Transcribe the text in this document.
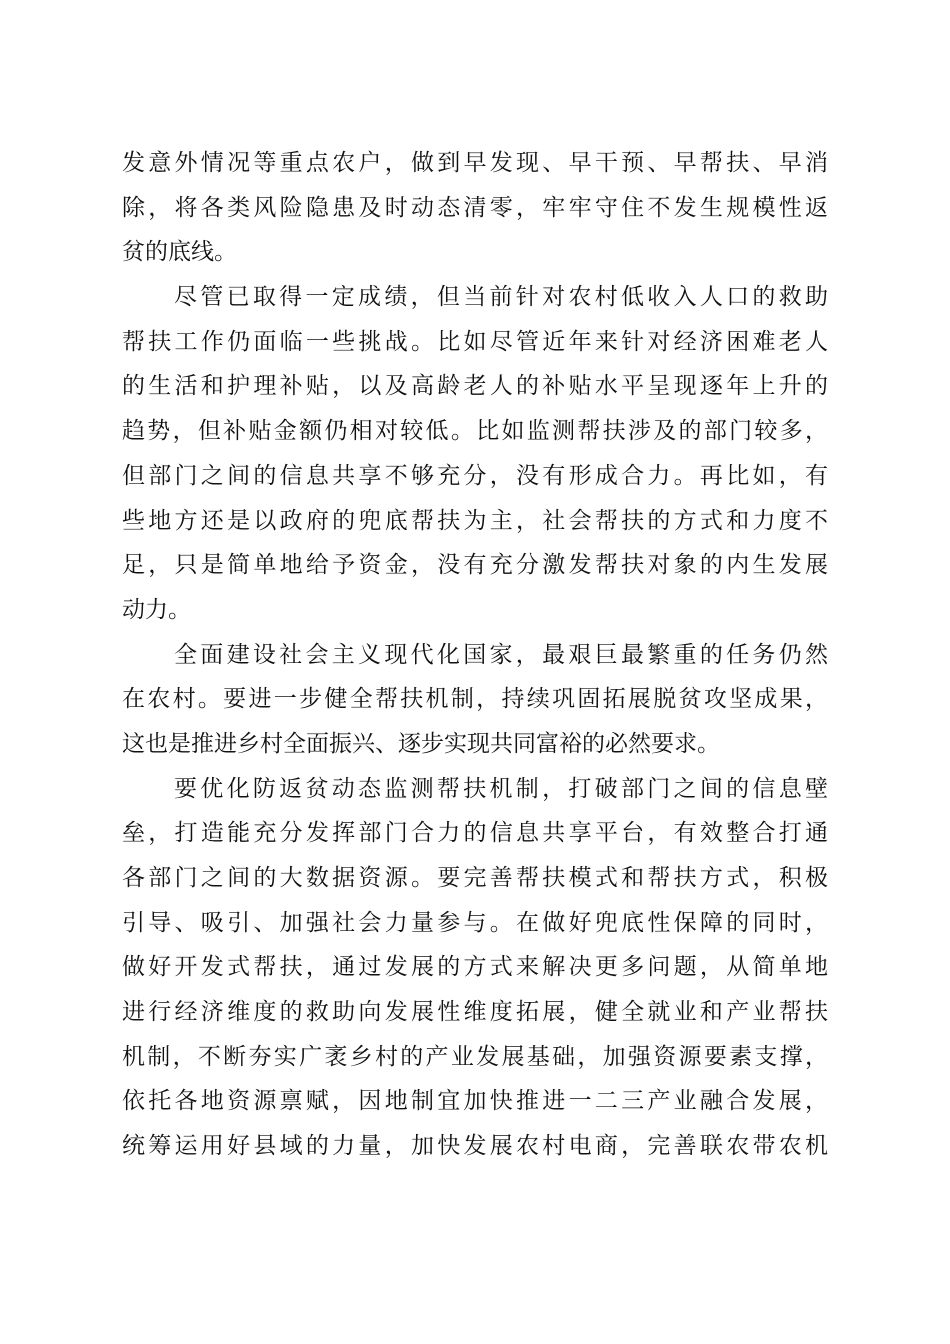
发意外情况等重点农户，做到早发现、早干预、早帮扶、早消
除，将各类风险隐患及时动态清零，牢牢守住不发生规模性返
贫的底线。
尽管已取得一定成绩，但当前针对农村低收入人口的救助
帮扶工作仍面临一些挑战。比如尽管近年来针对经济困难老人
的生活和护理补贴，以及高龄老人的补贴水平呈现逐年上升的
趋势，但补贴金额仍相对较低。比如监测帮扶涉及的部门较多，
但部门之间的信息共享不够充分，没有形成合力。再比如，有
些地方还是以政府的兜底帮扶为主，社会帮扶的方式和力度不
足，只是简单地给予资金，没有充分激发帮扶对象的内生发展
动力。
全面建设社会主义现代化国家，最艰巨最繁重的任务仍然
在农村。要进一步健全帮扶机制，持续巩固拓展脱贫攻坚成果，
这也是推进乡村全面振兴、逐步实现共同富裕的必然要求。
要优化防返贫动态监测帮扶机制，打破部门之间的信息壁
垒，打造能充分发挥部门合力的信息共享平台，有效整合打通
各部门之间的大数据资源。要完善帮扶模式和帮扶方式，积极
引导、吸引、加强社会力量参与。在做好兜底性保障的同时，
做好开发式帮扶，通过发展的方式来解决更多问题，从简单地
进行经济维度的救助向发展性维度拓展，健全就业和产业帮扶
机制，不断夯实广袤乡村的产业发展基础，加强资源要素支撑，
依托各地资源禀赋，因地制宜加快推进一二三产业融合发展，
统筹运用好县域的力量，加快发展农村电商，完善联农带农机
